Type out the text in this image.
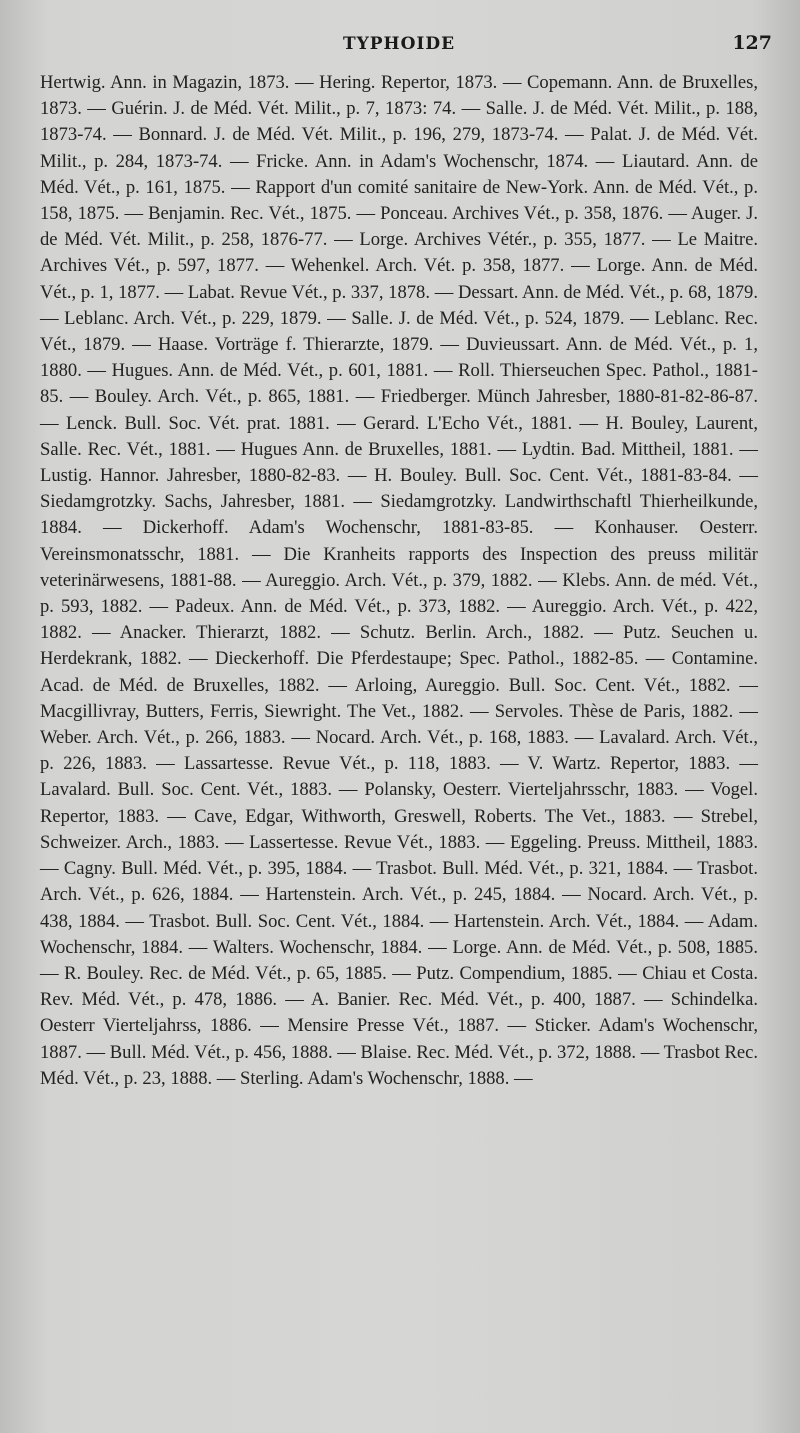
TYPHOIDE	127

Hertwig. Ann. in Magazin, 1873. — Hering. Repertor, 1873. — Copemann. Ann. de Bruxelles, 1873. — Guérin. J. de Méd. Vét. Milit., p. 7, 1873: 74. — Salle. J. de Méd. Vét. Milit., p. 188, 1873-74. — Bonnard. J. de Méd. Vét. Milit., p. 196, 279, 1873-74. — Palat. J. de Méd. Vét. Milit., p. 284, 1873-74. — Fricke. Ann. in Adam's Wochenschr, 1874. — Liautard. Ann. de Méd. Vét., p. 161, 1875. — Rapport d'un comité sanitaire de New-York. Ann. de Méd. Vét., p. 158, 1875. — Benjamin. Rec. Vét., 1875. — Ponceau. Archives Vét., p. 358, 1876. — Auger. J. de Méd. Vét. Milit., p. 258, 1876-77. — Lorge. Archives Vétér., p. 355, 1877. — Le Maitre. Archives Vét., p. 597, 1877. — Wehenkel. Arch. Vét. p. 358, 1877. — Lorge. Ann. de Méd. Vét., p. 1, 1877. — Labat. Revue Vét., p. 337, 1878. — Dessart. Ann. de Méd. Vét., p. 68, 1879. — Leblanc. Arch. Vét., p. 229, 1879. — Salle. J. de Méd. Vét., p. 524, 1879. — Leblanc. Rec. Vét., 1879. — Haase. Vorträge f. Thierarzte, 1879. — Duvieussart. Ann. de Méd. Vét., p. 1, 1880. — Hugues. Ann. de Méd. Vét., p. 601, 1881. — Roll. Thierseuchen Spec. Pathol., 1881-85. — Bouley. Arch. Vét., p. 865, 1881. — Friedberger. Münch Jahresber, 1880-81-82-86-87. — Lenck. Bull. Soc. Vét. prat. 1881. — Gerard. L'Echo Vét., 1881. — H. Bouley, Laurent, Salle. Rec. Vét., 1881. — Hugues Ann. de Bruxelles, 1881. — Lydtin. Bad. Mittheil, 1881. — Lustig. Hannor. Jahresber, 1880-82-83. — H. Bouley. Bull. Soc. Cent. Vét., 1881-83-84. — Siedamgrotzky. Sachs, Jahresber, 1881. — Siedamgrotzky. Landwirthschaftl Thierheilkunde, 1884. — Dickerhoff. Adam's Wochenschr, 1881-83-85. — Konhauser. Oesterr. Vereinsmonatsschr, 1881. — Die Kranheits rapports des Inspection des preuss militär veterinärwesens, 1881-88. — Aureggio. Arch. Vét., p. 379, 1882. — Klebs. Ann. de méd. Vét., p. 593, 1882. — Padeux. Ann. de Méd. Vét., p. 373, 1882. — Aureggio. Arch. Vét., p. 422, 1882. — Anacker. Thierarzt, 1882. — Schutz. Berlin. Arch., 1882. — Putz. Seuchen u. Herdekrank, 1882. — Dieckerhoff. Die Pferdestaupe; Spec. Pathol., 1882-85. — Contamine. Acad. de Méd. de Bruxelles, 1882. — Arloing, Aureggio. Bull. Soc. Cent. Vét., 1882. — Macgillivray, Butters, Ferris, Siewright. The Vet., 1882. — Servoles. Thèse de Paris, 1882. — Weber. Arch. Vét., p. 266, 1883. — Nocard. Arch. Vét., p. 168, 1883. — Lavalard. Arch. Vét., p. 226, 1883. — Lassartesse. Revue Vét., p. 118, 1883. — V. Wartz. Repertor, 1883. — Lavalard. Bull. Soc. Cent. Vét., 1883. — Polansky, Oesterr. Vierteljahrsschr, 1883. — Vogel. Repertor, 1883. — Cave, Edgar, Withworth, Greswell, Roberts. The Vet., 1883. — Strebel, Schweizer. Arch., 1883. — Lassertesse. Revue Vét., 1883. — Eggeling. Preuss. Mittheil, 1883. — Cagny. Bull. Méd. Vét., p. 395, 1884. — Trasbot. Bull. Méd. Vét., p. 321, 1884. — Trasbot. Arch. Vét., p. 626, 1884. — Hartenstein. Arch. Vét., p. 245, 1884. — Nocard. Arch. Vét., p. 438, 1884. — Trasbot. Bull. Soc. Cent. Vét., 1884. — Hartenstein. Arch. Vét., 1884. — Adam. Wochenschr, 1884. — Walters. Wochenschr, 1884. — Lorge. Ann. de Méd. Vét., p. 508, 1885. — R. Bouley. Rec. de Méd. Vét., p. 65, 1885. — Putz. Compendium, 1885. — Chiau et Costa. Rev. Méd. Vét., p. 478, 1886. — A. Banier. Rec. Méd. Vét., p. 400, 1887. — Schindelka. Oesterr Vierteljahrss, 1886. — Mensire Presse Vét., 1887. — Sticker. Adam's Wochenschr, 1887. — Bull. Méd. Vét., p. 456, 1888. — Blaise. Rec. Méd. Vét., p. 372, 1888. — Trasbot Rec. Méd. Vét., p. 23, 1888. — Sterling. Adam's Wochenschr, 1888. —
